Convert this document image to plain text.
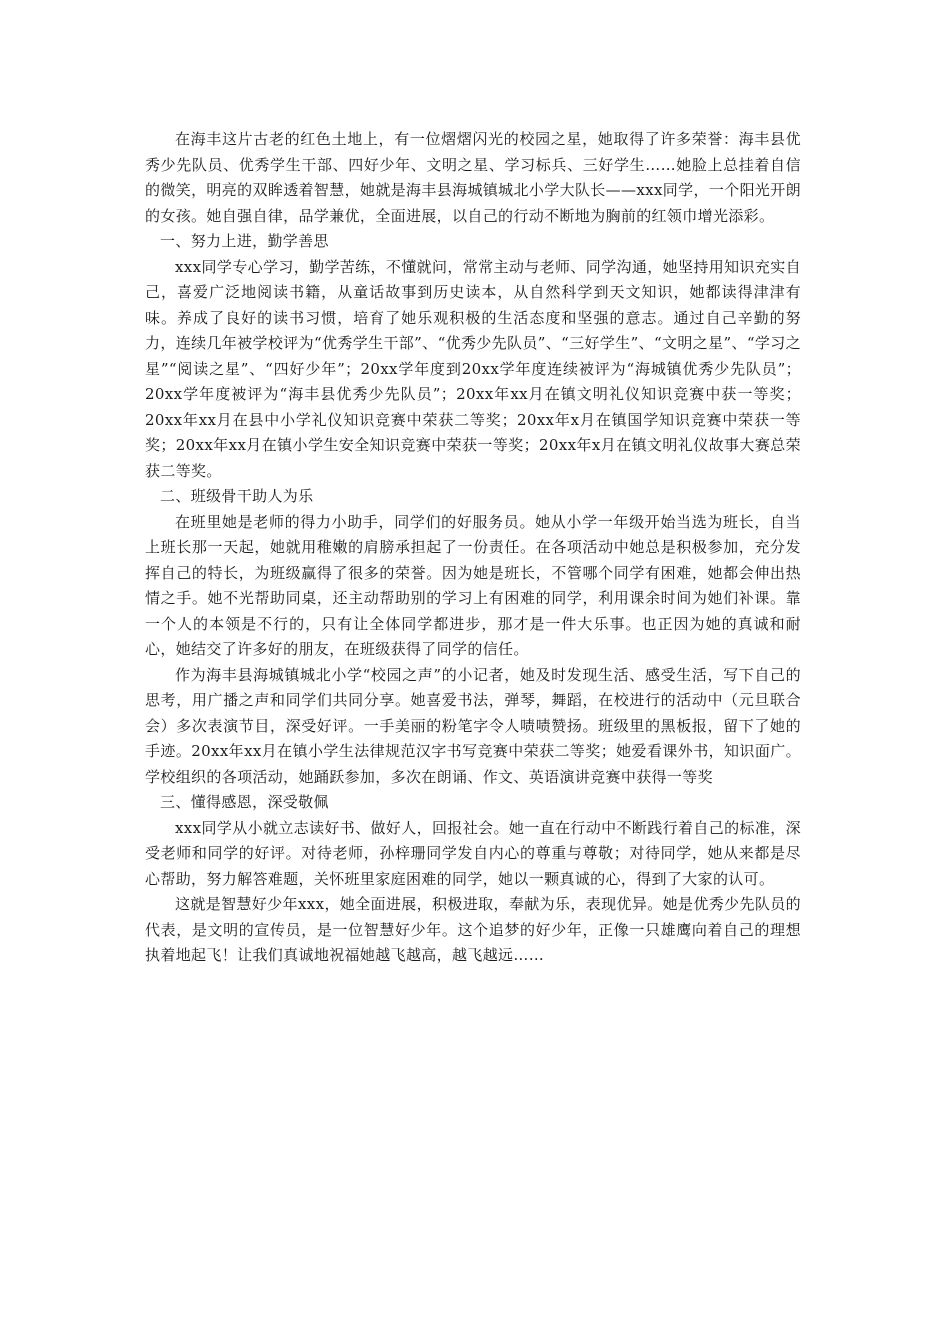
在海丰这片古老的红色土地上，有一位熠熠闪光的校园之星，她取得了许多荣誉：海丰县优秀少先队员、优秀学生干部、四好少年、文明之星、学习标兵、三好学生……她脸上总挂着自信的微笑，明亮的双眸透着智慧，她就是海丰县海城镇城北小学大队长——xxx同学，一个阳光开朗的女孩。她自强自律，品学兼优，全面进展，以自己的行动不断地为胸前的红领巾增光添彩。

一、努力上进，勤学善思

xxx同学专心学习，勤学苦练，不懂就问，常常主动与老师、同学沟通，她坚持用知识充实自己，喜爱广泛地阅读书籍，从童话故事到历史读本，从自然科学到天文知识，她都读得津津有味。养成了良好的读书习惯，培育了她乐观积极的生活态度和坚强的意志。通过自己辛勤的努力，连续几年被学校评为“优秀学生干部”、“优秀少先队员”、“三好学生”、“文明之星”、“学习之星”“阅读之星”、“四好少年”；20xx学年度到20xx学年度连续被评为“海城镇优秀少先队员”；20xx学年度被评为“海丰县优秀少先队员”；20xx年xx月在镇文明礼仪知识竞赛中获一等奖；20xx年xx月在县中小学礼仪知识竞赛中荣获二等奖；20xx年x月在镇国学知识竞赛中荣获一等奖；20xx年xx月在镇小学生安全知识竞赛中荣获一等奖；20xx年x月在镇文明礼仪故事大赛总荣获二等奖。

二、班级骨干助人为乐

在班里她是老师的得力小助手，同学们的好服务员。她从小学一年级开始当选为班长，自当上班长那一天起，她就用稚嫩的肩膀承担起了一份责任。在各项活动中她总是积极参加，充分发挥自己的特长，为班级赢得了很多的荣誉。因为她是班长，不管哪个同学有困难，她都会伸出热情之手。她不光帮助同桌，还主动帮助别的学习上有困难的同学，利用课余时间为她们补课。靠一个人的本领是不行的，只有让全体同学都进步，那才是一件大乐事。也正因为她的真诚和耐心，她结交了许多好的朋友，在班级获得了同学的信任。

作为海丰县海城镇城北小学“校园之声”的小记者，她及时发现生活、感受生活，写下自己的思考，用广播之声和同学们共同分享。她喜爱书法，弹琴，舞蹈，在校进行的活动中（元旦联合会）多次表演节目，深受好评。一手美丽的粉笔字令人啧啧赞扬。班级里的黑板报，留下了她的手迹。20xx年xx月在镇小学生法律规范汉字书写竞赛中荣获二等奖；她爱看课外书，知识面广。学校组织的各项活动，她踊跃参加，多次在朗诵、作文、英语演讲竞赛中获得一等奖

三、懂得感恩，深受敬佩

xxx同学从小就立志读好书、做好人，回报社会。她一直在行动中不断践行着自己的标准，深受老师和同学的好评。对待老师，孙梓珊同学发自内心的尊重与尊敬；对待同学，她从来都是尽心帮助，努力解答难题，关怀班里家庭困难的同学，她以一颗真诚的心，得到了大家的认可。

这就是智慧好少年xxx，她全面进展，积极进取，奉献为乐，表现优异。她是优秀少先队员的代表，是文明的宣传员，是一位智慧好少年。这个追梦的好少年，正像一只雄鹰向着自己的理想执着地起飞！让我们真诚地祝福她越飞越高，越飞越远……
